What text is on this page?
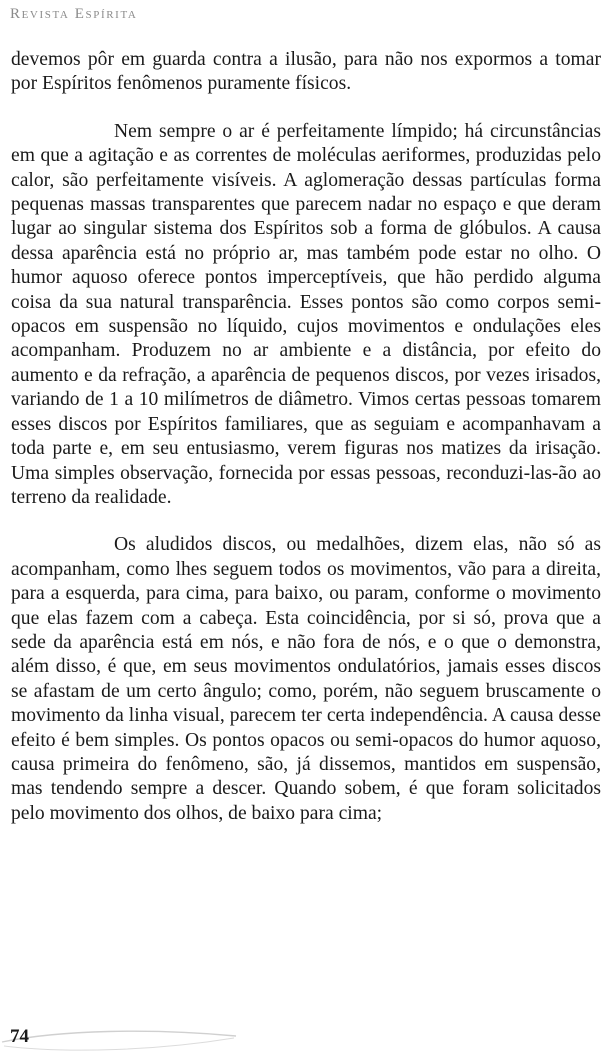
Revista Espírita

devemos pôr em guarda contra a ilusão, para não nos expormos a tomar por Espíritos fenômenos puramente físicos.

Nem sempre o ar é perfeitamente límpido; há circunstâncias em que a agitação e as correntes de moléculas aeriformes, produzidas pelo calor, são perfeitamente visíveis. A aglomeração dessas partículas forma pequenas massas transparentes que parecem nadar no espaço e que deram lugar ao singular sistema dos Espíritos sob a forma de glóbulos. A causa dessa aparência está no próprio ar, mas também pode estar no olho. O humor aquoso oferece pontos imperceptíveis, que hão perdido alguma coisa da sua natural transparência. Esses pontos são como corpos semi-opacos em suspensão no líquido, cujos movimentos e ondulações eles acompanham. Produzem no ar ambiente e a distância, por efeito do aumento e da refração, a aparência de pequenos discos, por vezes irisados, variando de 1 a 10 milímetros de diâmetro. Vimos certas pessoas tomarem esses discos por Espíritos familiares, que as seguiam e acompanhavam a toda parte e, em seu entusiasmo, verem figuras nos matizes da irisação. Uma simples observação, fornecida por essas pessoas, reconduzi-las-ão ao terreno da realidade.

Os aludidos discos, ou medalhões, dizem elas, não só as acompanham, como lhes seguem todos os movimentos, vão para a direita, para a esquerda, para cima, para baixo, ou param, conforme o movimento que elas fazem com a cabeça. Esta coincidência, por si só, prova que a sede da aparência está em nós, e não fora de nós, e o que o demonstra, além disso, é que, em seus movimentos ondulatórios, jamais esses discos se afastam de um certo ângulo; como, porém, não seguem bruscamente o movimento da linha visual, parecem ter certa independência. A causa desse efeito é bem simples. Os pontos opacos ou semi-opacos do humor aquoso, causa primeira do fenômeno, são, já dissemos, mantidos em suspensão, mas tendendo sempre a descer. Quando sobem, é que foram solicitados pelo movimento dos olhos, de baixo para cima;

74
